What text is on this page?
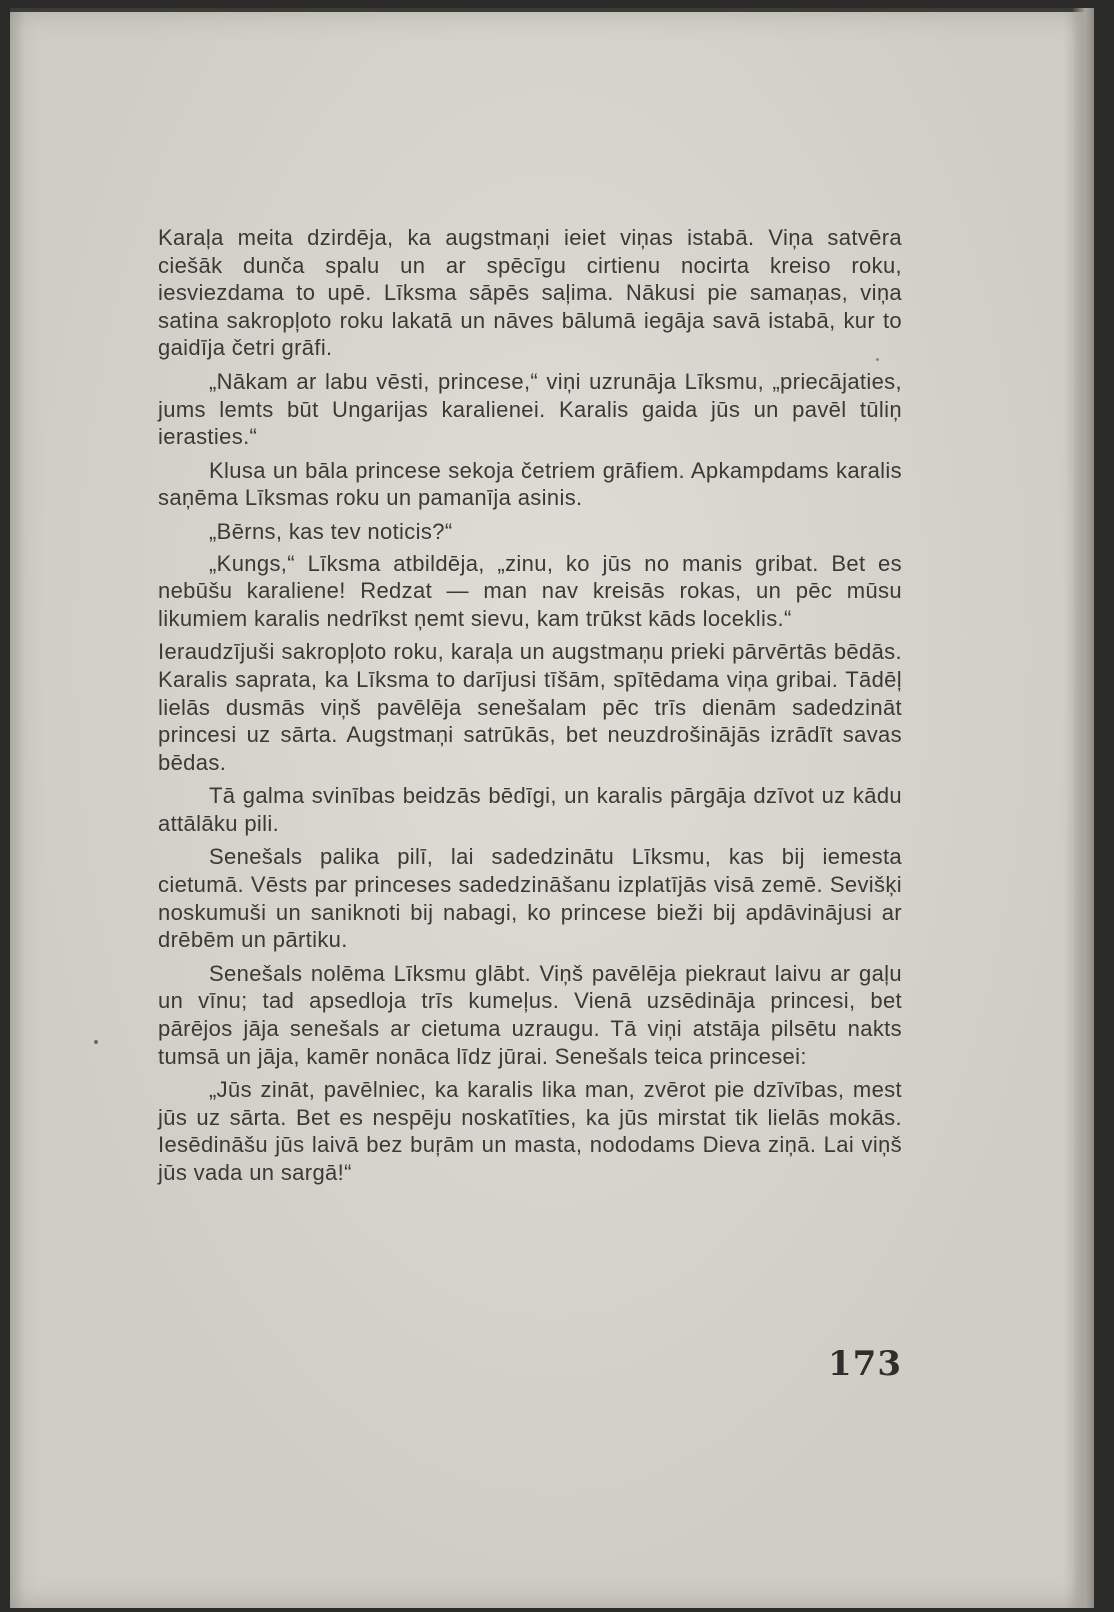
Karaļa meita dzirdēja, ka augstmaņi ieiet viņas istabā. Viņa satvēra ciešāk dunča spalu un ar spēcīgu cirtienu nocirta kreiso roku, iesviezdama to upē. Līksma sāpēs saļima. Nākusi pie samaņas, viņa satina sakropļoto roku lakatā un nāves bālumā iegāja savā istabā, kur to gaidīja četri grāfi.

„Nākam ar labu vēsti, princese,“ viņi uzrunāja Līksmu, „priecājaties, jums lemts būt Ungarijas karalienei. Karalis gaida jūs un pavēl tūliņ ierasties.“

Klusa un bāla princese sekoja četriem grāfiem. Apkampdams karalis saņēma Līksmas roku un pamanīja asinis.

„Bērns, kas tev noticis?“

„Kungs,“ Līksma atbildēja, „zinu, ko jūs no manis gribat. Bet es nebūšu karaliene! Redzat — man nav kreisās rokas, un pēc mūsu likumiem karalis nedrīkst ņemt sievu, kam trūkst kāds loceklis.“

Ieraudzījuši sakropļoto roku, karaļa un augstmaņu prieki pārvērtās bēdās. Karalis saprata, ka Līksma to darījusi tīšām, spītēdama viņa gribai. Tādēļ lielās dusmās viņš pavēlēja senešalam pēc trīs dienām sadedzināt princesi uz sārta. Augstmaņi satrūkās, bet neuzdrošinājās izrādīt savas bēdas.

Tā galma svinības beidzās bēdīgi, un karalis pārgāja dzīvot uz kādu attālāku pili.

Senešals palika pilī, lai sadedzinātu Līksmu, kas bij iemesta cietumā. Vēsts par princeses sadedzināšanu izplatījās visā zemē. Sevišķi noskumuši un saniknoti bij nabagi, ko princese bieži bij apdāvinājusi ar drēbēm un pārtiku.

Senešals nolēma Līksmu glābt. Viņš pavēlēja piekraut laivu ar gaļu un vīnu; tad apsedloja trīs kumeļus. Vienā uzsēdināja princesi, bet pārējos jāja senešals ar cietuma uzraugu. Tā viņi atstāja pilsētu nakts tumsā un jāja, kamēr nonāca līdz jūrai. Senešals teica princesei:

„Jūs zināt, pavēlniec, ka karalis lika man, zvērot pie dzīvības, mest jūs uz sārta. Bet es nespēju noskatīties, ka jūs mirstat tik lielās mokās. Iesēdināšu jūs laivā bez buŗām un masta, nododams Dieva ziņā. Lai viņš jūs vada un sargā!“

173
